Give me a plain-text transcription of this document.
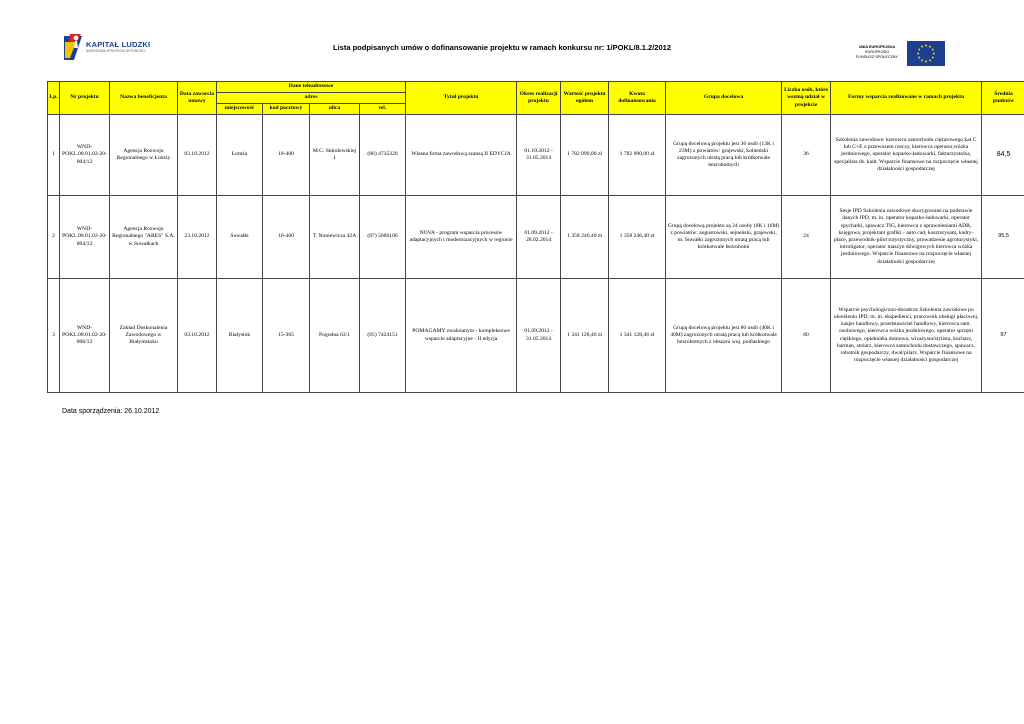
KAPITAŁ LUDZKI
NARODOWA STRATEGIA SPÓJNOŚCI	Lista podpisanych umów o dofinansowanie projektu w ramach konkursu nr: 1/POKL/8.1.2/2012	UNIA EUROPEJSKA
EUROPEJSKI
FUNDUSZ SPOŁECZNY
Lp.	Nr projektu	Nazwa beneficjenta	Data zawarcia umowy	Dane teleadresowe				Tytuł projektu	Okres realizacji projektu	Wartość projektu ogółem	Kwota dofinansowania	Grupa docelowa	Liczba osób, które wezmą udział w projekcie	Formy wsparcia realizowane w ramach projektu	Średnia punktów
				adres											
				miejscowość	kod pocztowy	ulica	tel.								
1	WND-POKL.08.01.02-20-004/12	Agencja Rozwoju Regionalnego w Łomży	03.10.2012	Łomża	18-400	M.C. Skłodowskiej 1	(86) 4735320	Własna firma zawodową szansą II EDYCJA	01.10.2012 - 31.05.2014	1 782 090,00 zł	1 782 090,00 zł	Grupą docelową projektu jest 36 osób (13K i 23M) z powiatów: grajewski, kolneński zagrożonych utratą pracą lub krótkotwale bezrobotnych	36	Szkolenia zawodowe: kierowca samochodu ciężarowego kat C lub C+E z przewozem rzeczy, kierowca operator,wózka jezdniowego, operator koparko-ładowarki, fakturzysta/ka, specjalista ds. kadr. Wsparcie finansowe na rozpoczęcie własnej działalności gospodarczej	84,5
2	WND-POKL.08.01.02-20-004/12	Agencja Rozwoju Regionalnego "ARES" S.A. w Suwałkach	23.10.2012	Suwałki	16-400	T. Noniewicza 42A	(87) 5666106	NOVA - program wsparcia procesów adaptacyjnych i modernizacyjnych w regionie	01.09.2012 - 28.02.2014	1 358 246,40 zł	1 358 246,40 zł	Grupą docelową projektu są 24 osoby (8K i 16M) z powiatów: augustowski, sejneński, grajewski, m. Suwałki zagrożonych utratą pracą lub krótkotwale bezrobotni	24	Sesje IPD Szkolenia zawodowe skorygowane na podstawie danych IPD, m. in. operator koparko-ładowarki, operator spycharki, spawacz TIG, kierowca z uprawnieniami ADR, księgowa, projektant grafiki - auto cad, kosztorysant, kadry-płace, przewodnik-pilot turystyczny, prowadzenie agroturystyki, introligator, operator maszyn dźwigowych kierowca wózka jezdniowego. Wsparcie finansowe na rozpoczęcie własnej działalności gospodarczej	95,5
3	WND-POKL.08.01.02-20-006/12	Zakład Doskonalenia Zawodowego w Białymstoku	03.10.2012	Białystok	15-365	Pogodna 63/1	(85) 7424151	POMAGAMY zwalnianym - kompleksowe wsparcie adaptacyjne - II edycja	01.09.2012 - 31.05.2014	1 341 128,46 zł	1 341 128,46 zł	Grupą docelową projektu jest 80 osób (40K i 40M) zagrożonych utratą pracą lub krótkotwale bezrobotnych z obszaru woj. podlaskiego	80	Wsparcie psychologiczno-doradcze Szkolenia zawodowe po określeniu IPD, m. in. ekspedienci, pracownik obsługi płacowej, kasjer handlowy, przedstawiciel handlowy, kierowca sam. osobowego, kierowca wózka jezdniowego, operator sprzętu ciężkiego, opiekunka domowa, wizażysta/stylista, kucharz, barman, stolarz, kierowca samochodu dostawczego, spawacz, robotnik gospodarczy, dwal/pilarz. Wsparcie finansowe na rozpoczęcie własnej działalności gospodarczej	97
Data sporządzenia: 26.10.2012
